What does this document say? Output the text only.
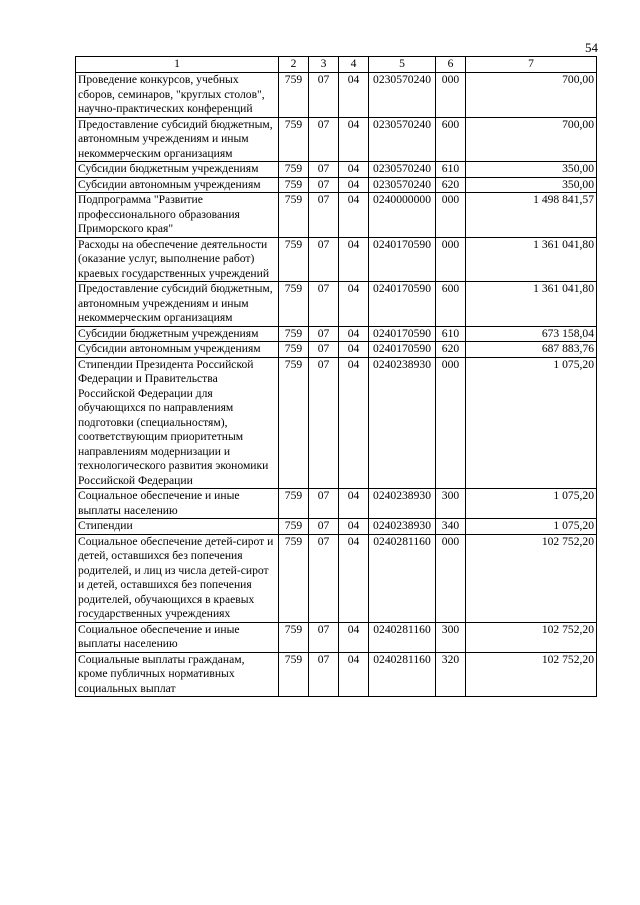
54
1	2	3	4	5	6	7
Проведение конкурсов, учебных сборов, семинаров, "круглых столов", научно-практических конференций	759	07	04	0230570240	000	700,00
Предоставление субсидий бюджетным, автономным учреждениям и иным некоммерческим организациям	759	07	04	0230570240	600	700,00
Субсидии бюджетным учреждениям	759	07	04	0230570240	610	350,00
Субсидии автономным учреждениям	759	07	04	0230570240	620	350,00
Подпрограмма "Развитие профессионального образования Приморского края"	759	07	04	0240000000	000	1 498 841,57
Расходы на обеспечение деятельности (оказание услуг, выполнение работ) краевых государственных учреждений	759	07	04	0240170590	000	1 361 041,80
Предоставление субсидий бюджетным, автономным учреждениям и иным некоммерческим организациям	759	07	04	0240170590	600	1 361 041,80
Субсидии бюджетным учреждениям	759	07	04	0240170590	610	673 158,04
Субсидии автономным учреждениям	759	07	04	0240170590	620	687 883,76
Стипендии Президента Российской Федерации и Правительства Российской Федерации для обучающихся по направлениям подготовки (специальностям), соответствующим приоритетным направлениям модернизации и технологического развития экономики Российской Федерации	759	07	04	0240238930	000	1 075,20
Социальное обеспечение и иные выплаты населению	759	07	04	0240238930	300	1 075,20
Стипендии	759	07	04	0240238930	340	1 075,20
Социальное обеспечение детей-сирот и детей, оставшихся без попечения родителей, и лиц из числа детей-сирот и детей, оставшихся без попечения родителей, обучающихся в краевых государственных учреждениях	759	07	04	0240281160	000	102 752,20
Социальное обеспечение и иные выплаты населению	759	07	04	0240281160	300	102 752,20
Социальные выплаты гражданам, кроме публичных нормативных социальных выплат	759	07	04	0240281160	320	102 752,20
